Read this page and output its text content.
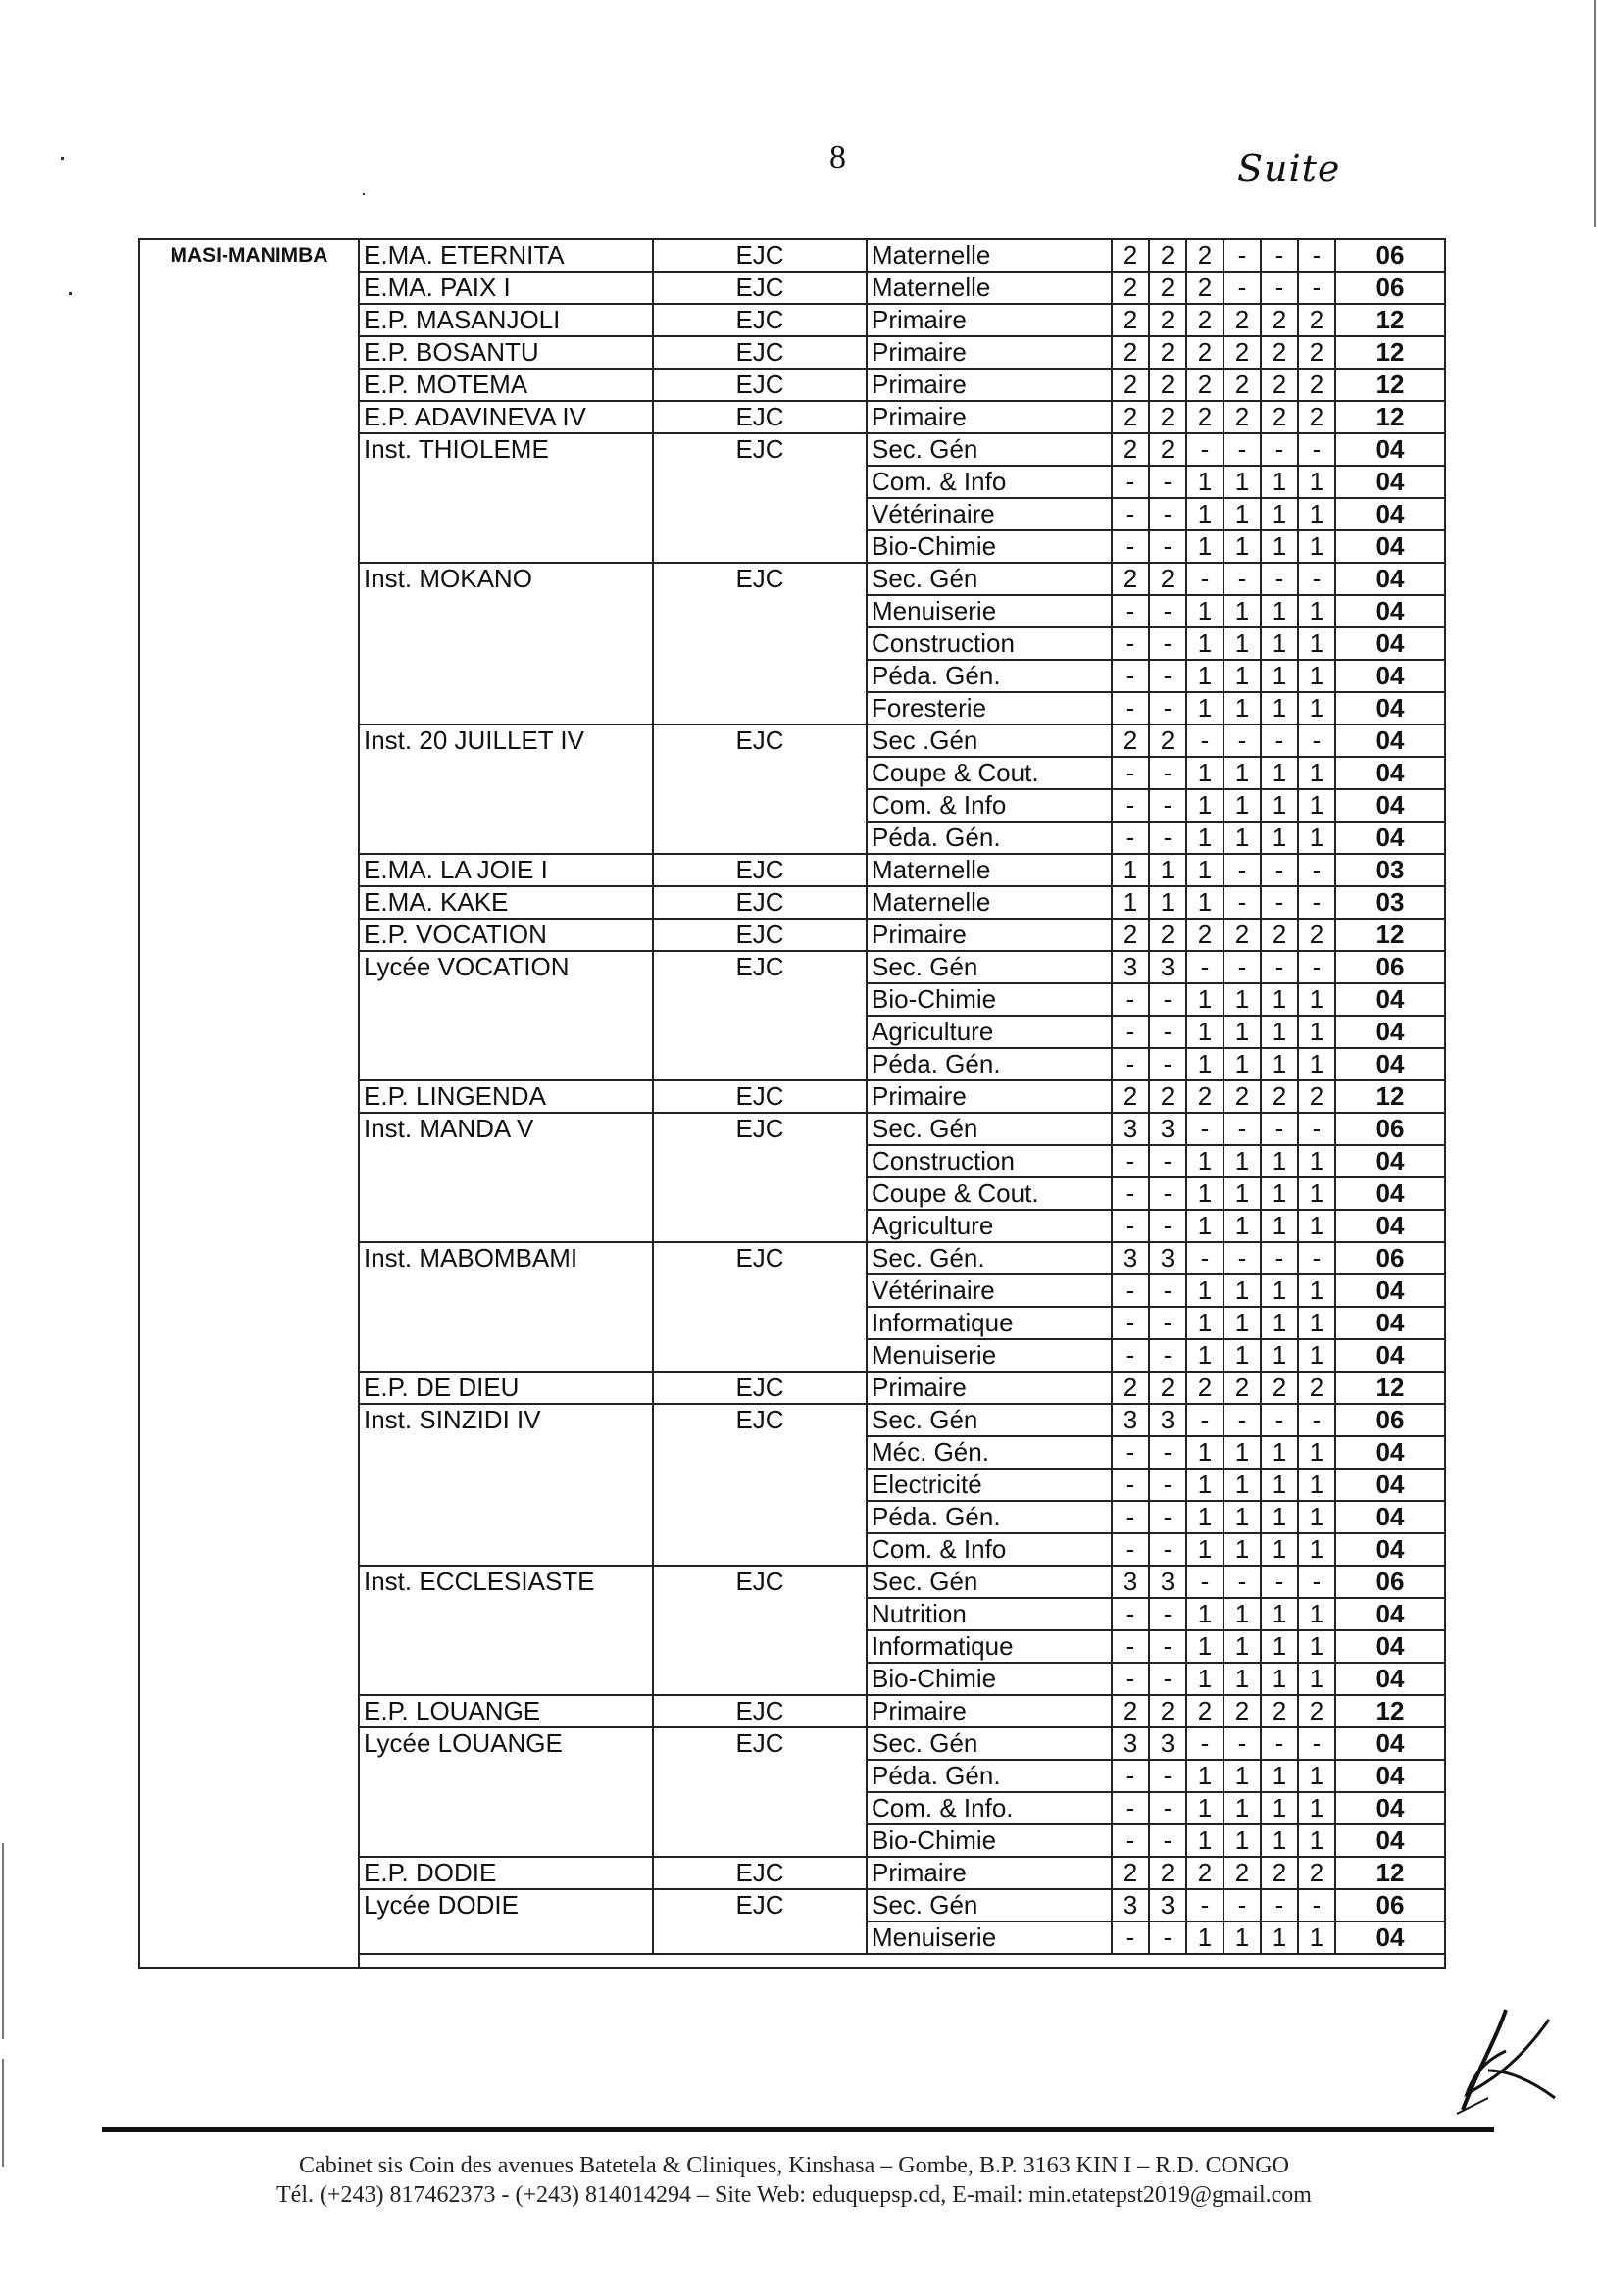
8	Suite
MASI-MANIMBA	E.MA. ETERNITA	EJC	Maternelle	2	2	2	-	-	-	06
	E.MA. PAIX I	EJC	Maternelle	2	2	2	-	-	-	06
	E.P. MASANJOLI	EJC	Primaire	2	2	2	2	2	2	12
	E.P. BOSANTU	EJC	Primaire	2	2	2	2	2	2	12
	E.P. MOTEMA	EJC	Primaire	2	2	2	2	2	2	12
	E.P. ADAVINEVA IV	EJC	Primaire	2	2	2	2	2	2	12
	Inst. THIOLEME	EJC	Sec. Gén	2	2	-	-	-	-	04
			Com. & Info	-	-	1	1	1	1	04
			Vétérinaire	-	-	1	1	1	1	04
			Bio-Chimie	-	-	1	1	1	1	04
	Inst. MOKANO	EJC	Sec. Gén	2	2	-	-	-	-	04
			Menuiserie	-	-	1	1	1	1	04
			Construction	-	-	1	1	1	1	04
			Péda. Gén.	-	-	1	1	1	1	04
			Foresterie	-	-	1	1	1	1	04
	Inst. 20 JUILLET IV	EJC	Sec .Gén	2	2	-	-	-	-	04
			Coupe & Cout.	-	-	1	1	1	1	04
			Com. & Info	-	-	1	1	1	1	04
			Péda. Gén.	-	-	1	1	1	1	04
	E.MA. LA JOIE I	EJC	Maternelle	1	1	1	-	-	-	03
	E.MA. KAKE	EJC	Maternelle	1	1	1	-	-	-	03
	E.P. VOCATION	EJC	Primaire	2	2	2	2	2	2	12
	Lycée VOCATION	EJC	Sec. Gén	3	3	-	-	-	-	06
			Bio-Chimie	-	-	1	1	1	1	04
			Agriculture	-	-	1	1	1	1	04
			Péda. Gén.	-	-	1	1	1	1	04
	E.P. LINGENDA	EJC	Primaire	2	2	2	2	2	2	12
	Inst. MANDA V	EJC	Sec. Gén	3	3	-	-	-	-	06
			Construction	-	-	1	1	1	1	04
			Coupe & Cout.	-	-	1	1	1	1	04
			Agriculture	-	-	1	1	1	1	04
	Inst. MABOMBAMI	EJC	Sec. Gén.	3	3	-	-	-	-	06
			Vétérinaire	-	-	1	1	1	1	04
			Informatique	-	-	1	1	1	1	04
			Menuiserie	-	-	1	1	1	1	04
	E.P. DE DIEU	EJC	Primaire	2	2	2	2	2	2	12
	Inst. SINZIDI IV	EJC	Sec. Gén	3	3	-	-	-	-	06
			Méc. Gén.	-	-	1	1	1	1	04
			Electricité	-	-	1	1	1	1	04
			Péda. Gén.	-	-	1	1	1	1	04
			Com. & Info	-	-	1	1	1	1	04
	Inst. ECCLESIASTE	EJC	Sec. Gén	3	3	-	-	-	-	06
			Nutrition	-	-	1	1	1	1	04
			Informatique	-	-	1	1	1	1	04
			Bio-Chimie	-	-	1	1	1	1	04
	E.P. LOUANGE	EJC	Primaire	2	2	2	2	2	2	12
	Lycée LOUANGE	EJC	Sec. Gén	3	3	-	-	-	-	04
			Péda. Gén.	-	-	1	1	1	1	04
			Com. & Info.	-	-	1	1	1	1	04
			Bio-Chimie	-	-	1	1	1	1	04
	E.P. DODIE	EJC	Primaire	2	2	2	2	2	2	12
	Lycée DODIE	EJC	Sec. Gén	3	3	-	-	-	-	06
			Menuiserie	-	-	1	1	1	1	04

Cabinet sis Coin des avenues Batetela & Cliniques, Kinshasa – Gombe, B.P. 3163 KIN I – R.D. CONGO
Tél. (+243) 817462373 - (+243) 814014294 – Site Web: eduquepsp.cd, E-mail: min.etatepst2019@gmail.com
